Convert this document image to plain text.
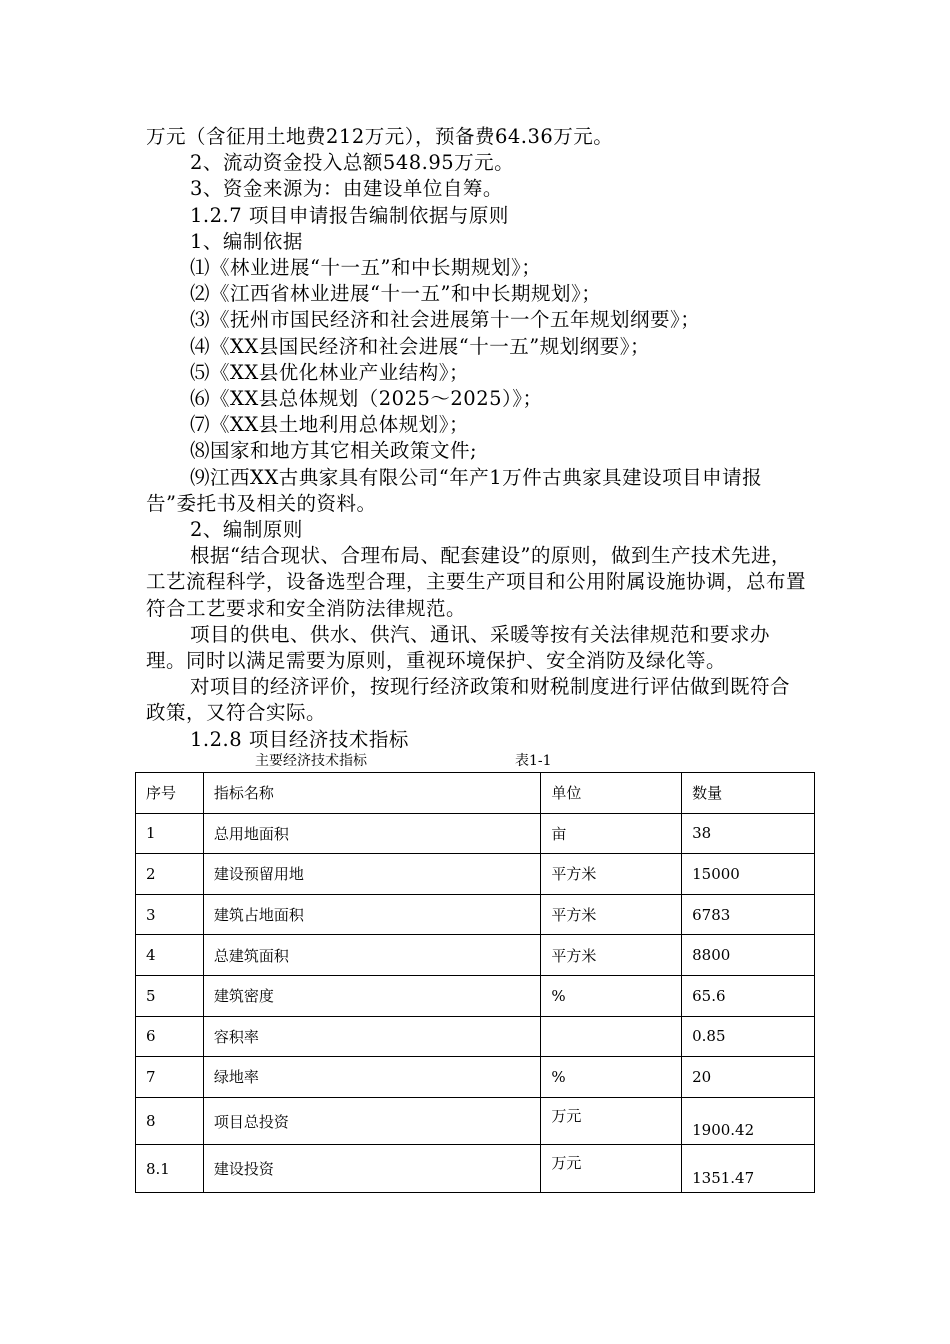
万元（含征用土地费212万元），预备费64.36万元。

2、流动资金投入总额548.95万元。

3、资金来源为：由建设单位自筹。

1.2.7 项目申请报告编制依据与原则

1、编制依据

⑴《林业进展“十一五”和中长期规划》；

⑵《江西省林业进展“十一五”和中长期规划》；

⑶《抚州市国民经济和社会进展第十一个五年规划纲要》；

⑷《XX县国民经济和社会进展“十一五”规划纲要》；

⑸《XX县优化林业产业结构》；

⑹《XX县总体规划（2025～2025）》；

⑺《XX县土地利用总体规划》；

⑻国家和地方其它相关政策文件;

⑼江西XX古典家具有限公司“年产1万件古典家具建设项目申请报告”委托书及相关的资料。

2、编制原则

根据“结合现状、合理布局、配套建设”的原则，做到生产技术先进，工艺流程科学，设备选型合理，主要生产项目和公用附属设施协调，总布置符合工艺要求和安全消防法律规范。

项目的供电、供水、供汽、通讯、采暖等按有关法律规范和要求办理。同时以满足需要为原则，重视环境保护、安全消防及绿化等。

对项目的经济评价，按现行经济政策和财税制度进行评估做到既符合政策，又符合实际。

1.2.8 项目经济技术指标

主要经济技术指标	表1-1
序号	指标名称	单位	数量
1	总用地面积	亩	38
2	建设预留用地	平方米	15000
3	建筑占地面积	平方米	6783
4	总建筑面积	平方米	8800
5	建筑密度	%	65.6
6	容积率		0.85
7	绿地率	%	20
8	项目总投资	万元	1900.42
8.1	建设投资	万元	1351.47
